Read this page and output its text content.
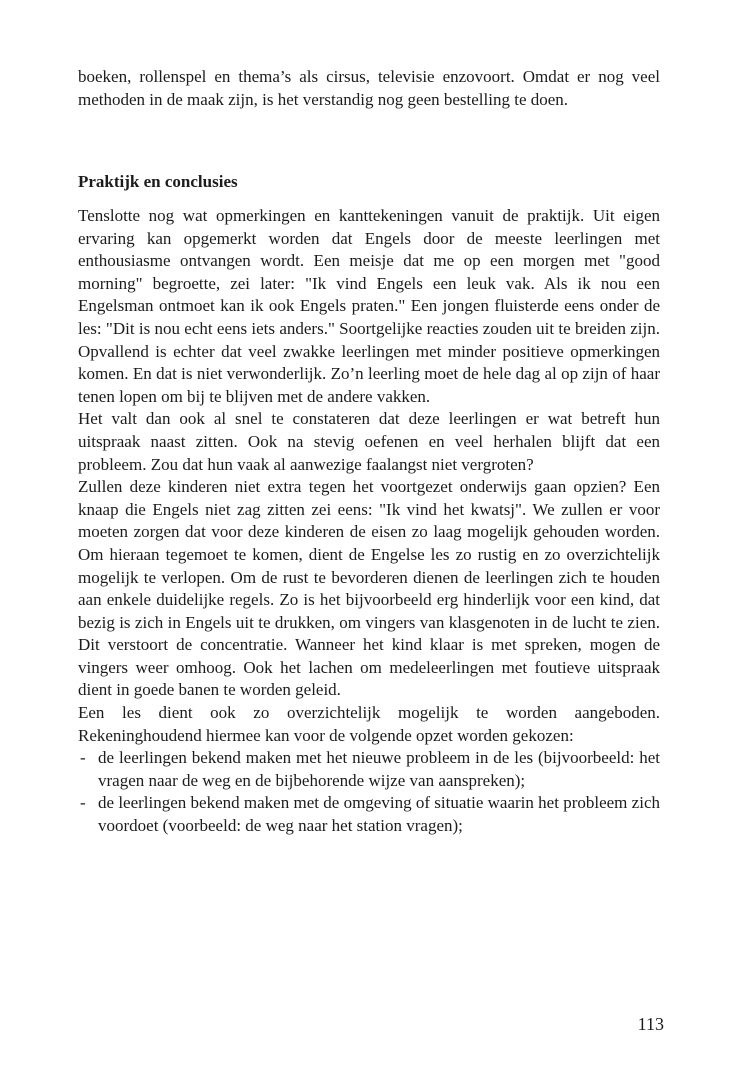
boeken, rollenspel en thema’s als cirsus, televisie enzovoort. Omdat er nog veel methoden in de maak zijn, is het verstandig nog geen bestelling te doen.

Praktijk en conclusies

Tenslotte nog wat opmerkingen en kanttekeningen vanuit de praktijk. Uit eigen ervaring kan opgemerkt worden dat Engels door de meeste leerlingen met enthousiasme ontvangen wordt. Een meisje dat me op een morgen met "good morning" begroette, zei later: "Ik vind Engels een leuk vak. Als ik nou een Engelsman ontmoet kan ik ook Engels praten." Een jongen fluisterde eens onder de les: "Dit is nou echt eens iets anders." Soortgelijke reacties zouden uit te breiden zijn. Opvallend is echter dat veel zwakke leerlingen met minder positieve opmerkingen komen. En dat is niet verwonderlijk. Zo’n leerling moet de hele dag al op zijn of haar tenen lopen om bij te blijven met de andere vakken.

Het valt dan ook al snel te constateren dat deze leerlingen er wat betreft hun uitspraak naast zitten. Ook na stevig oefenen en veel herhalen blijft dat een probleem. Zou dat hun vaak al aanwezige faalangst niet vergroten?

Zullen deze kinderen niet extra tegen het voortgezet onderwijs gaan opzien? Een knaap die Engels niet zag zitten zei eens: "Ik vind het kwatsj". We zullen er voor moeten zorgen dat voor deze kinderen de eisen zo laag mogelijk gehouden worden. Om hieraan tegemoet te komen, dient de Engelse les zo rustig en zo overzichtelijk mogelijk te verlopen. Om de rust te bevorderen dienen de leerlingen zich te houden aan enkele duidelijke regels. Zo is het bijvoorbeeld erg hinderlijk voor een kind, dat bezig is zich in Engels uit te drukken, om vingers van klasgenoten in de lucht te zien. Dit verstoort de concentratie. Wanneer het kind klaar is met spreken, mogen de vingers weer omhoog. Ook het lachen om medeleerlingen met foutieve uitspraak dient in goede banen te worden geleid.

Een les dient ook zo overzichtelijk mogelijk te worden aangeboden. Rekeninghoudend hiermee kan voor de volgende opzet worden gekozen:

- de leerlingen bekend maken met het nieuwe probleem in de les (bijvoorbeeld: het vragen naar de weg en de bijbehorende wijze van aanspreken);
- de leerlingen bekend maken met de omgeving of situatie waarin het probleem zich voordoet (voorbeeld: de weg naar het station vragen);
113
